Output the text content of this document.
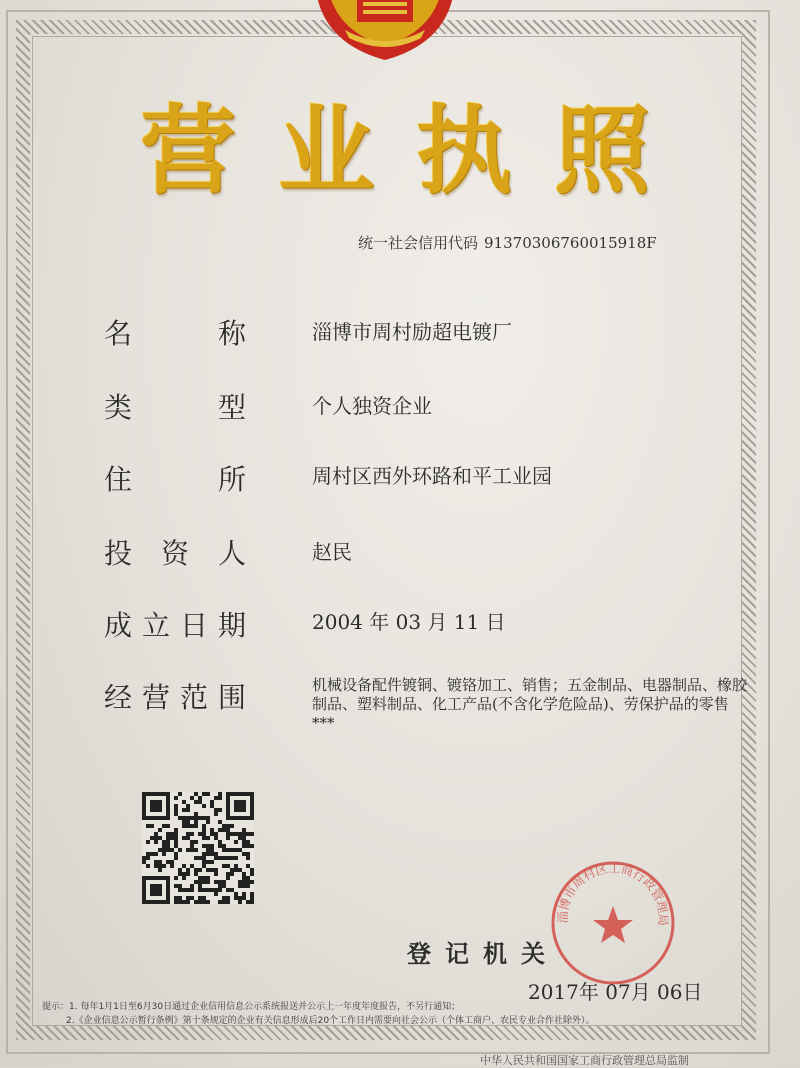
营 业 执 照
统一社会信用代码 91370306760015918F
名	称	淄博市周村励超电镀厂
类	型	个人独资企业
住	所	周村区西外环路和平工业园
投 资 人	赵民
成 立 日 期	2004 年 03 月 11 日
经 营 范 围	机械设备配件镀铜、镀铬加工、销售；五金制品、电器制品、橡胶
制品、塑料制品、化工产品(不含化学危险品)、劳保护品的零售
***
登记机关
淄博市周村区工商行政管理局
2017年 07月 06日
提示：1. 每年1月1日至6月30日通过企业信用信息公示系统报送并公示上一年度年度报告，不另行通知；
2.《企业信息公示暂行条例》第十条规定的企业有关信息形成后20个工作日内需要向社会公示（个体工商户、农民专业合作社除外）。
中华人民共和国国家工商行政管理总局监制
